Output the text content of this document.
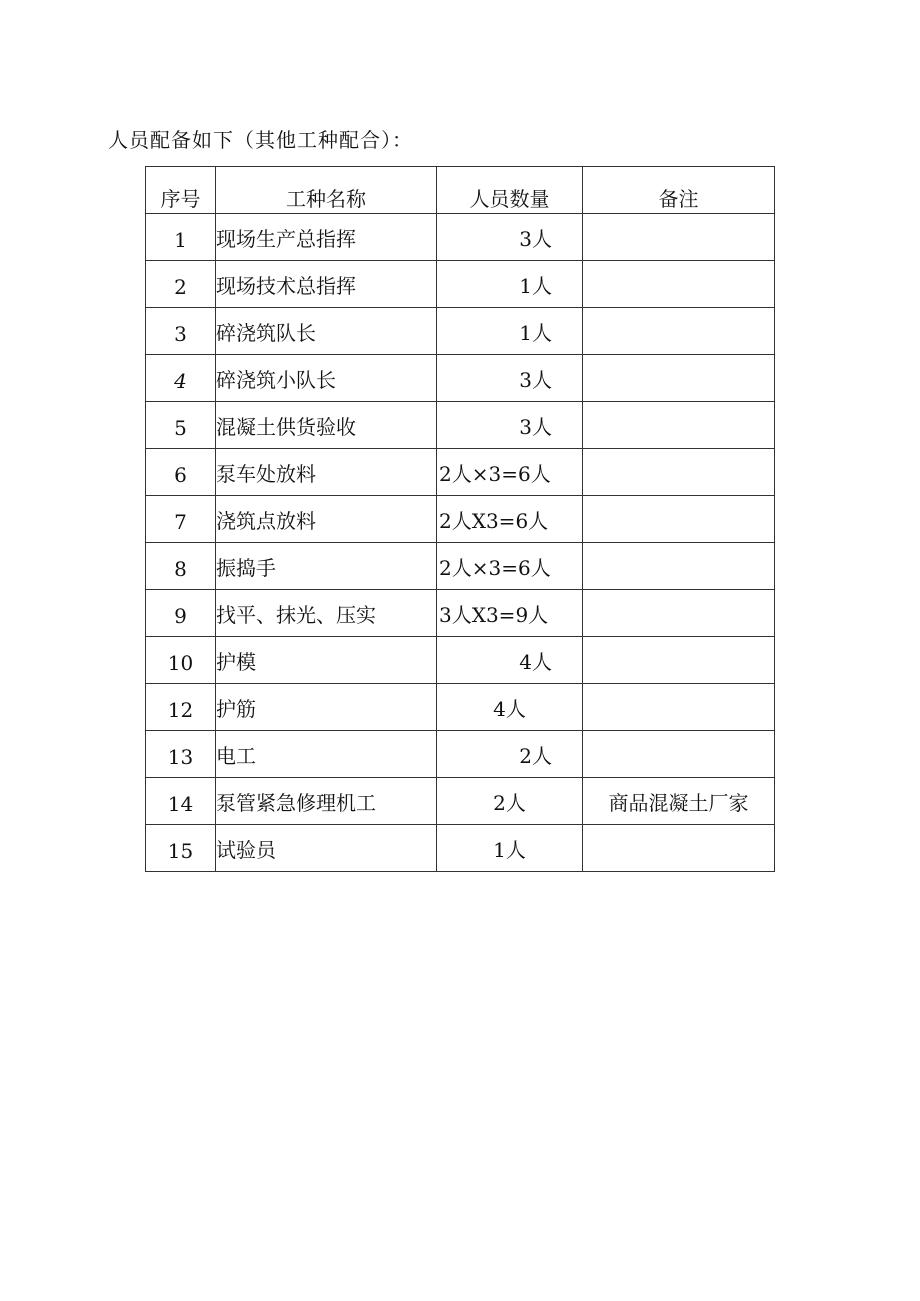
人员配备如下（其他工种配合）：
序号	工种名称	人员数量	备注
1	现场生产总指挥	3人	
2	现场技术总指挥	1人	
3	碎浇筑队长	1人	
4	碎浇筑小队长	3人	
5	混凝土供货验收	3人	
6	泵车处放料	2人×3=6人	
7	浇筑点放料	2人X3=6人	
8	振捣手	2人×3=6人	
9	找平、抹光、压实	3人X3=9人	
10	护模	4人	
12	护筋	4人	
13	电工	2人	
14	泵管紧急修理机工	2人	商品混凝土厂家
15	试验员	1人	
